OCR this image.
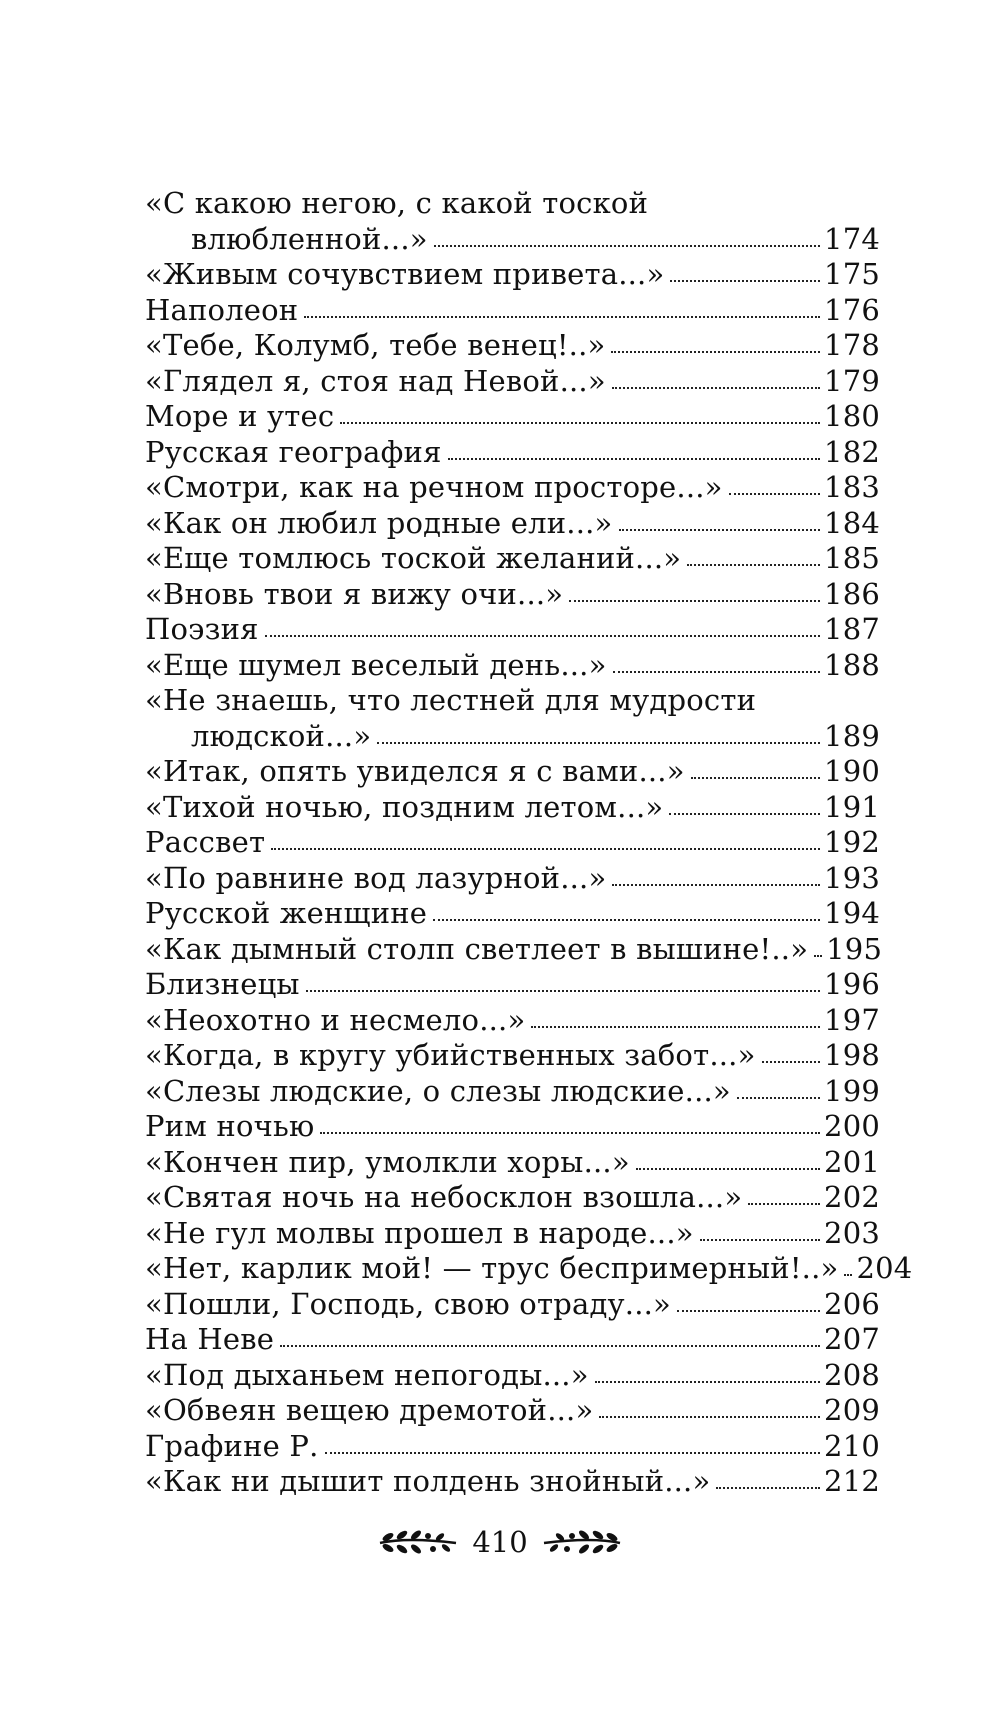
«С какою негою, с какой тоской
влюбленной...»	174
«Живым сочувствием привета...»	175
Наполеон	176
«Тебе, Колумб, тебе венец!..»	178
«Глядел я, стоя над Невой...»	179
Море и утес	180
Русская география	182
«Смотри, как на речном просторе...»	183
«Как он любил родные ели...»	184
«Еще томлюсь тоской желаний...»	185
«Вновь твои я вижу очи...»	186
Поэзия	187
«Еще шумел веселый день...»	188
«Не знаешь, что лестней для мудрости
людской...»	189
«Итак, опять увиделся я с вами...»	190
«Тихой ночью, поздним летом...»	191
Рассвет	192
«По равнине вод лазурной...»	193
Русской женщине	194
«Как дымный столп светлеет в вышине!..» 195
Близнецы	196
«Неохотно и несмело...»	197
«Когда, в кругу убийственных забот...» 198
«Слезы людские, о слезы людские...»	199
Рим ночью	200
«Кончен пир, умолкли хоры...»	201
«Святая ночь на небосклон взошла...»	202
«Не гул молвы прошел в народе...»	203
«Нет, карлик мой! — трус беспримерный!..» 204
«Пошли, Господь, свою отраду...»	206
На Неве	207
«Под дыханьем непогоды...»	208
«Обвеян вещею дремотой...»	209
Графине Р.	210
«Как ни дышит полдень знойный...»	212
410
